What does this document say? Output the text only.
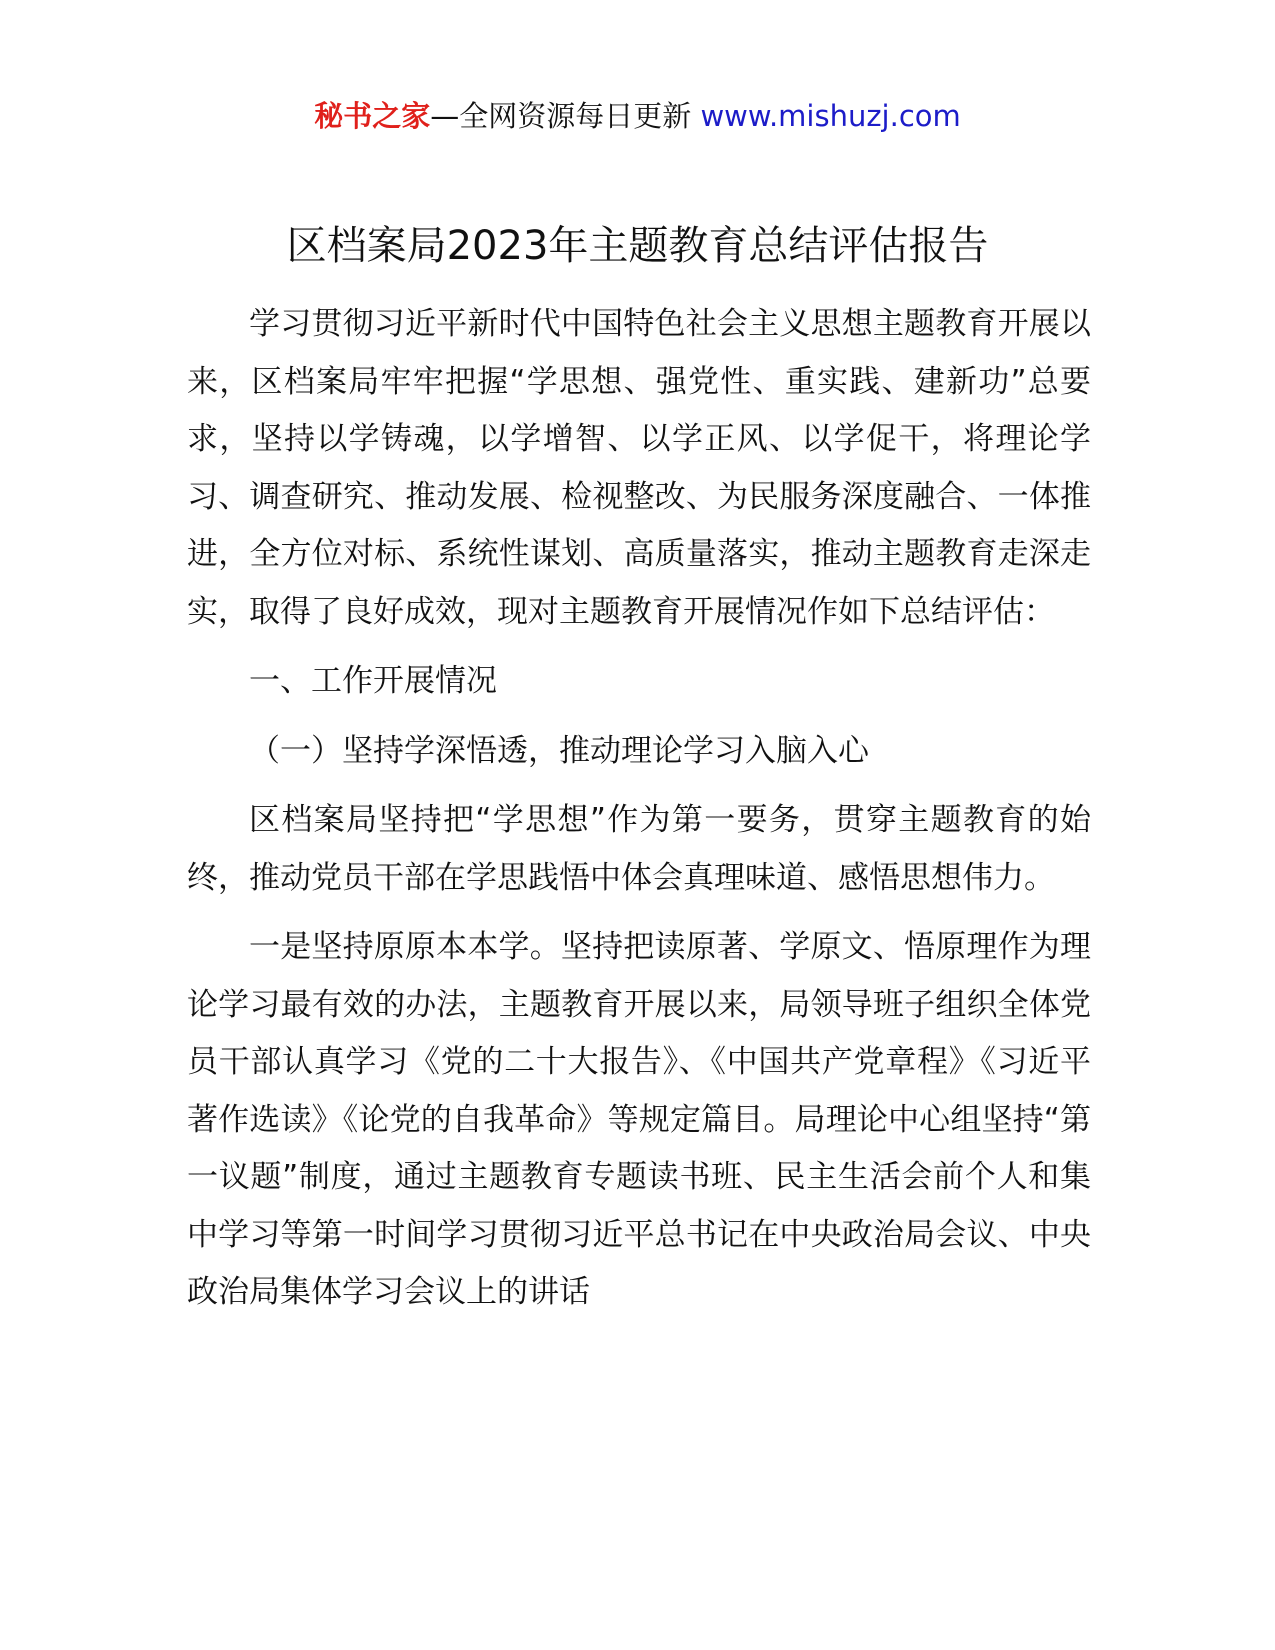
秘书之家—全网资源每日更新 www.mishuzj.com
区档案局2023年主题教育总结评估报告

学习贯彻习近平新时代中国特色社会主义思想主题教育开展以来，区档案局牢牢把握“学思想、强党性、重实践、建新功”总要求，坚持以学铸魂，以学增智、以学正风、以学促干，将理论学习、调查研究、推动发展、检视整改、为民服务深度融合、一体推进，全方位对标、系统性谋划、高质量落实，推动主题教育走深走实，取得了良好成效，现对主题教育开展情况作如下总结评估：

一、工作开展情况

（一）坚持学深悟透，推动理论学习入脑入心

区档案局坚持把“学思想”作为第一要务，贯穿主题教育的始终，推动党员干部在学思践悟中体会真理味道、感悟思想伟力。

一是坚持原原本本学。坚持把读原著、学原文、悟原理作为理论学习最有效的办法，主题教育开展以来，局领导班子组织全体党员干部认真学习《党的二十大报告》、《中国共产党章程》《习近平著作选读》《论党的自我革命》等规定篇目。局理论中心组坚持“第一议题”制度，通过主题教育专题读书班、民主生活会前个人和集中学习等第一时间学习贯彻习近平总书记在中央政治局会议、中央政治局集体学习会议上的讲话
